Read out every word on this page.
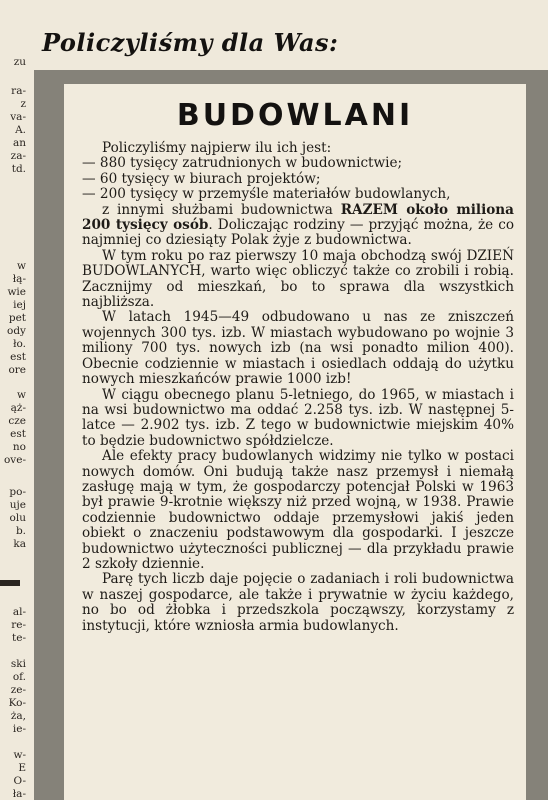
Policzyliśmy dla Was:
zu
ra-
z
va-
A.
an
za-
td.
w
łą-
wie
iej
pet
ody
ło.
est
ore
w
ąż-
cze
est
no
ove-
po-
uje
olu
b.
ka
al-
re-
te-
ski
of.
ze-
Ko-
ża,
ie-
w-
E
O-
ła-
BUDOWLANI

Policzyliśmy najpierw ilu ich jest:

— 880 tysięcy zatrudnionych w budownictwie;

— 60 tysięcy w biurach projektów;

— 200 tysięcy w przemyśle materiałów budowlanych,

z innymi służbami budownictwa RAZEM około miliona 200 tysięcy osób. Doliczając rodziny — przyjąć można, że co najmniej co dziesiąty Polak żyje z budownictwa.

W tym roku po raz pierwszy 10 maja obchodzą swój DZIEŃ BUDOWLANYCH, warto więc obliczyć także co zrobili i robią. Zacznijmy od mieszkań, bo to sprawa dla wszystkich najbliższa.

W latach 1945—49 odbudowano u nas ze zniszczeń wojennych 300 tys. izb. W miastach wybudowano po wojnie 3 miliony 700 tys. nowych izb (na wsi ponadto milion 400). Obecnie codziennie w miastach i osiedlach oddają do użytku nowych mieszkańców prawie 1000 izb!

W ciągu obecnego planu 5-letniego, do 1965, w miastach i na wsi budownictwo ma oddać 2.258 tys. izb. W następnej 5-latce — 2.902 tys. izb. Z tego w budownictwie miejskim 40% to będzie budownictwo spółdzielcze.

Ale efekty pracy budowlanych widzimy nie tylko w postaci nowych domów. Oni budują także nasz przemysł i niemałą zasługę mają w tym, że gospodarczy potencjał Polski w 1963 był prawie 9-krotnie większy niż przed wojną, w 1938. Prawie codziennie budownictwo oddaje przemysłowi jakiś jeden obiekt o znaczeniu podstawowym dla gospodarki. I jeszcze budownictwo użyteczności publicznej — dla przykładu prawie 2 szkoły dziennie.

Parę tych liczb daje pojęcie o zadaniach i roli budownictwa w naszej gospodarce, ale także i prywatnie w życiu każdego, no bo od żłobka i przedszkola począwszy, korzystamy z instytucji, które wzniosła armia budowlanych.
